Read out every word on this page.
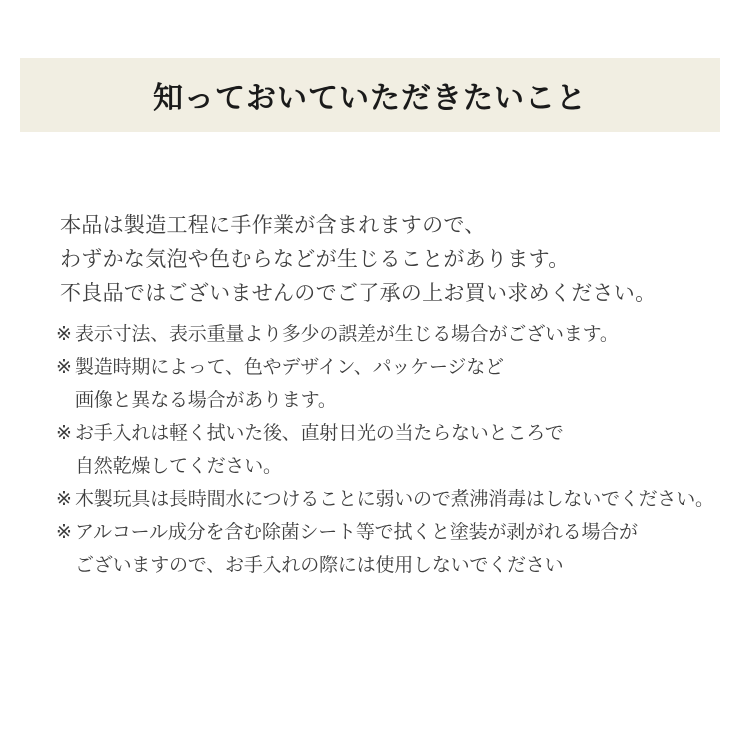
知っておいていただきたいこと

本品は製造工程に手作業が含まれますので、
わずかな気泡や色むらなどが生じることがあります。
不良品ではございませんのでご了承の上お買い求めください。

※ 表示寸法、表示重量より多少の誤差が生じる場合がございます。
※ 製造時期によって、色やデザイン、パッケージなど
画像と異なる場合があります。
※ お手入れは軽く拭いた後、直射日光の当たらないところで
自然乾燥してください。
※ 木製玩具は長時間水につけることに弱いので煮沸消毒はしないでください。
※ アルコール成分を含む除菌シート等で拭くと塗装が剥がれる場合が
ございますので、お手入れの際には使用しないでください
